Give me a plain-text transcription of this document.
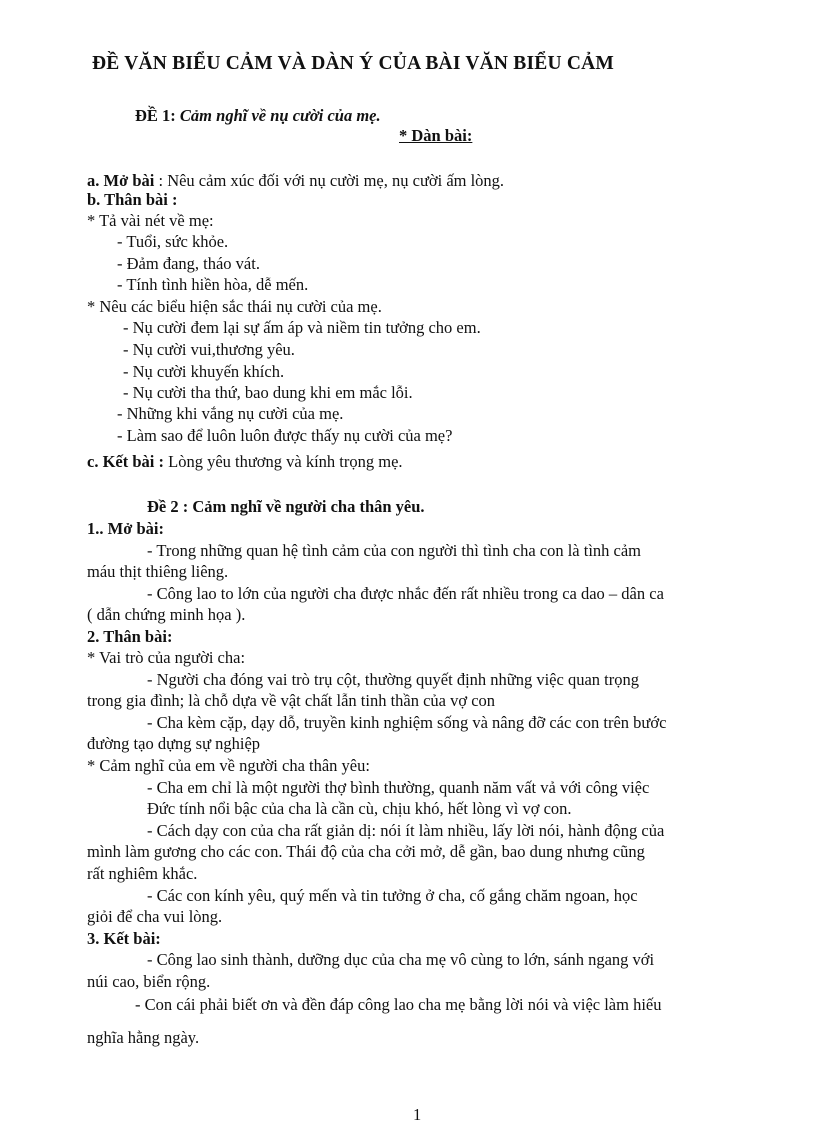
ĐỀ VĂN BIỂU CẢM VÀ DÀN Ý CỦA BÀI VĂN BIỂU CẢM
ĐỀ 1: Cảm nghĩ về nụ cười của mẹ.
* Dàn bài:
a. Mở bài : Nêu cảm xúc đối với nụ cười mẹ, nụ cười ấm lòng.
b. Thân bài :
* Tả vài nét về mẹ:
- Tuổi, sức khỏe.
- Đảm đang, tháo vát.
- Tính tình hiền hòa, dễ mến.
* Nêu các biểu hiện sắc thái nụ cười của mẹ.
- Nụ cười đem lại sự ấm áp và niềm tin tưởng cho em.
- Nụ cười vui,thương yêu.
- Nụ cười khuyến khích.
- Nụ cười tha thứ, bao dung khi em mắc lỗi.
- Những khi vắng nụ cười của mẹ.
- Làm sao để luôn luôn được thấy nụ cười của mẹ?
c. Kết bài : Lòng yêu thương và kính trọng mẹ.
Đề 2 : Cảm nghĩ về người cha thân yêu.
1.. Mở bài:
- Trong những quan hệ tình cảm của con người thì tình cha con là tình cảm
máu thịt thiêng liêng.
- Công lao to lớn của người cha được nhắc đến rất nhiều trong ca dao – dân ca
( dẫn chứng minh họa ).
2. Thân bài:
* Vai trò của người cha:
- Người cha đóng vai trò trụ cột, thường quyết định những việc quan trọng
trong gia đình; là chỗ dựa về vật chất lẫn tinh thần của vợ con
- Cha kèm cặp, dạy dỗ, truyền kinh nghiệm sống và nâng đỡ các con trên bước
đường tạo dựng sự nghiệp
* Cảm nghĩ của em về người cha thân yêu:
- Cha em chỉ là một người thợ bình thường, quanh năm vất vả với công việc
Đức tính nổi bậc của cha là cần cù, chịu khó, hết lòng vì vợ con.
- Cách dạy con của cha rất giản dị: nói ít làm nhiều, lấy lời nói, hành động của
mình làm gương cho các con. Thái độ của cha cởi mở, dễ gần, bao dung nhưng cũng
rất nghiêm khắc.
- Các con kính yêu, quý mến và tin tưởng ở cha, cố gắng chăm ngoan, học
giỏi để cha vui lòng.
3. Kết bài:
- Công lao sinh thành, dưỡng dục của cha mẹ vô cùng to lớn, sánh ngang với
núi cao, biển rộng.
- Con cái phải biết ơn và đền đáp công lao cha mẹ bằng lời nói và việc làm hiếu
nghĩa hằng ngày.
1
